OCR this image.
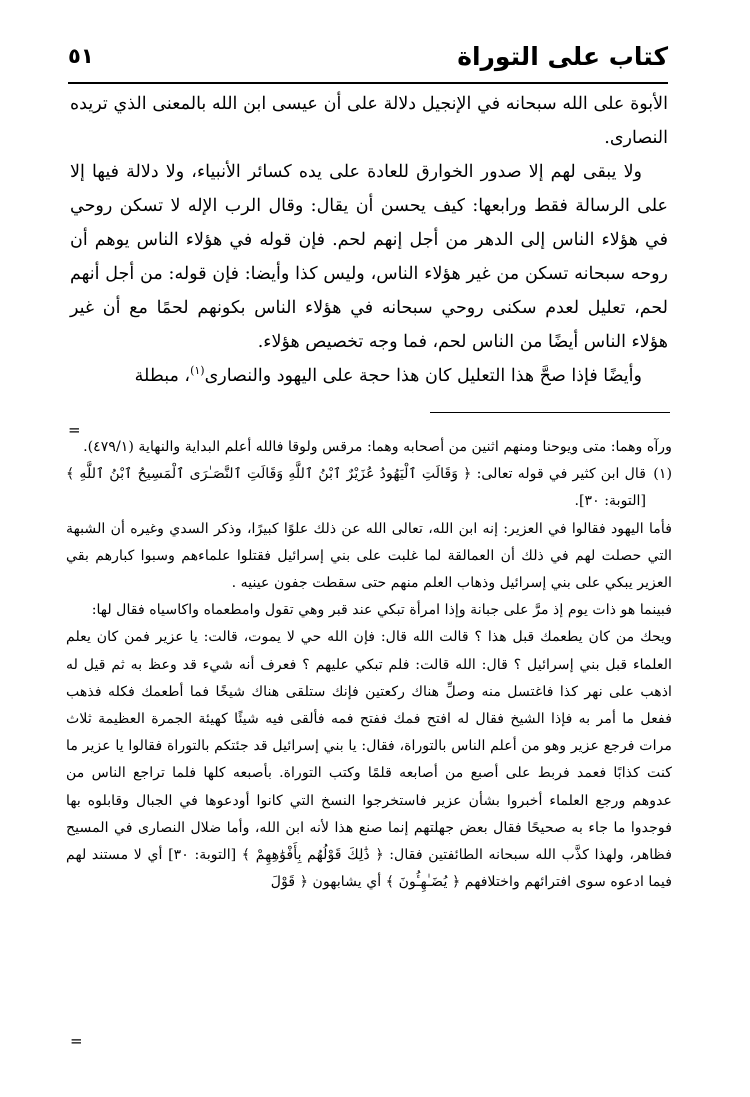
كتاب على التوراة
٥١

الأبوة على الله سبحانه في الإنجيل دلالة على أن عيسى ابن الله بالمعنى الذي تريده النصارى.

ولا يبقى لهم إلا صدور الخوارق للعادة على يده كسائر الأنبياء، ولا دلالة فيها إلا على الرسالة فقط ورابعها: كيف يحسن أن يقال: وقال الرب الإله لا تسكن روحي في هؤلاء الناس إلى الدهر من أجل إنهم لحم. فإن قوله في هؤلاء الناس يوهم أن روحه سبحانه تسكن من غير هؤلاء الناس، وليس كذا وأيضا: فإن قوله: من أجل أنهم لحم، تعليل لعدم سكنى روحي سبحانه في هؤلاء الناس بكونهم لحمًا مع أن غير هؤلاء الناس أيضًا من الناس لحم، فما وجه تخصيص هؤلاء.

وأيضًا فإذا صحَّ هذا التعليل كان هذا حجة على اليهود والنصارى$^{(١)}$، مبطلة

=

ورآه وهما: متى ويوحنا ومنهم اثنين من أصحابه وهما: مرقس ولوقا فالله أعلم البداية والنهاية (٤٧٩/١).

(١)
قال ابن كثير في قوله تعالى: ﴿ وَقَالَتِ ٱلْيَهُودُ عُزَيْرٌ ٱبْنُ ٱللَّهِ وَقَالَتِ ٱلنَّصَـٰرَى ٱلْمَسِيحُ ٱبْنُ ٱللَّهِ ﴾ [التوبة: ٣٠].

فأما اليهود فقالوا في العزير: إنه ابن الله، تعالى الله عن ذلك علوًا كبيرًا، وذكر السدي وغيره أن الشبهة التي حصلت لهم في ذلك أن العمالقة لما غلبت على بني إسرائيل فقتلوا علماءهم وسبوا كبارهم بقي العزير يبكي على بني إسرائيل وذهاب العلم منهم حتى سقطت جفون عينيه .

فبينما هو ذات يوم إذ مرَّ على جبانة وإذا امرأة تبكي عند قبر وهي تقول وامطعماه واكاسياه فقال لها:

ويحك من كان يطعمك قبل هذا ؟ قالت الله قال: فإن الله حي لا يموت، قالت: يا عزير فمن كان يعلم العلماء قبل بني إسرائيل ؟ قال: الله قالت: فلم تبكي عليهم ؟ فعرف أنه شيء قد وعظ به ثم قيل له اذهب على نهر كذا فاغتسل منه وصلِّ هناك ركعتين فإنك ستلقى هناك شيخًا فما أطعمك فكله فذهب ففعل ما أمر به فإذا الشيخ فقال له افتح فمك ففتح فمه فألقى فيه شيئًا كهيئة الجمرة العظيمة ثلاث مرات فرجع عزير وهو من أعلم الناس بالتوراة، فقال: يا بني إسرائيل قد جئتكم بالتوراة فقالوا يا عزير ما كنت كذابًا فعمد فربط على أصبع من أصابعه قلمًا وكتب التوراة. بأصبعه كلها فلما تراجع الناس من عدوهم ورجع العلماء أخبروا بشأن عزير فاستخرجوا النسخ التي كانوا أودعوها في الجبال وقابلوه بها فوجدوا ما جاء به صحيحًا فقال بعض جهلتهم إنما صنع هذا لأنه ابن الله، وأما ضلال النصارى في المسيح فظاهر، ولهذا كذَّب الله سبحانه الطائفتين فقال: ﴿ ذَٰلِكَ قَوْلُهُم بِأَفْوَٰهِهِمْ ﴾ [التوبة: ٣٠] أي لا مستند لهم فيما ادعوه سوى افترائهم واختلافهم ﴿ يُضَـٰهِـُٔونَ ﴾ أي يشابهون ﴿ قَوْلَ

=
